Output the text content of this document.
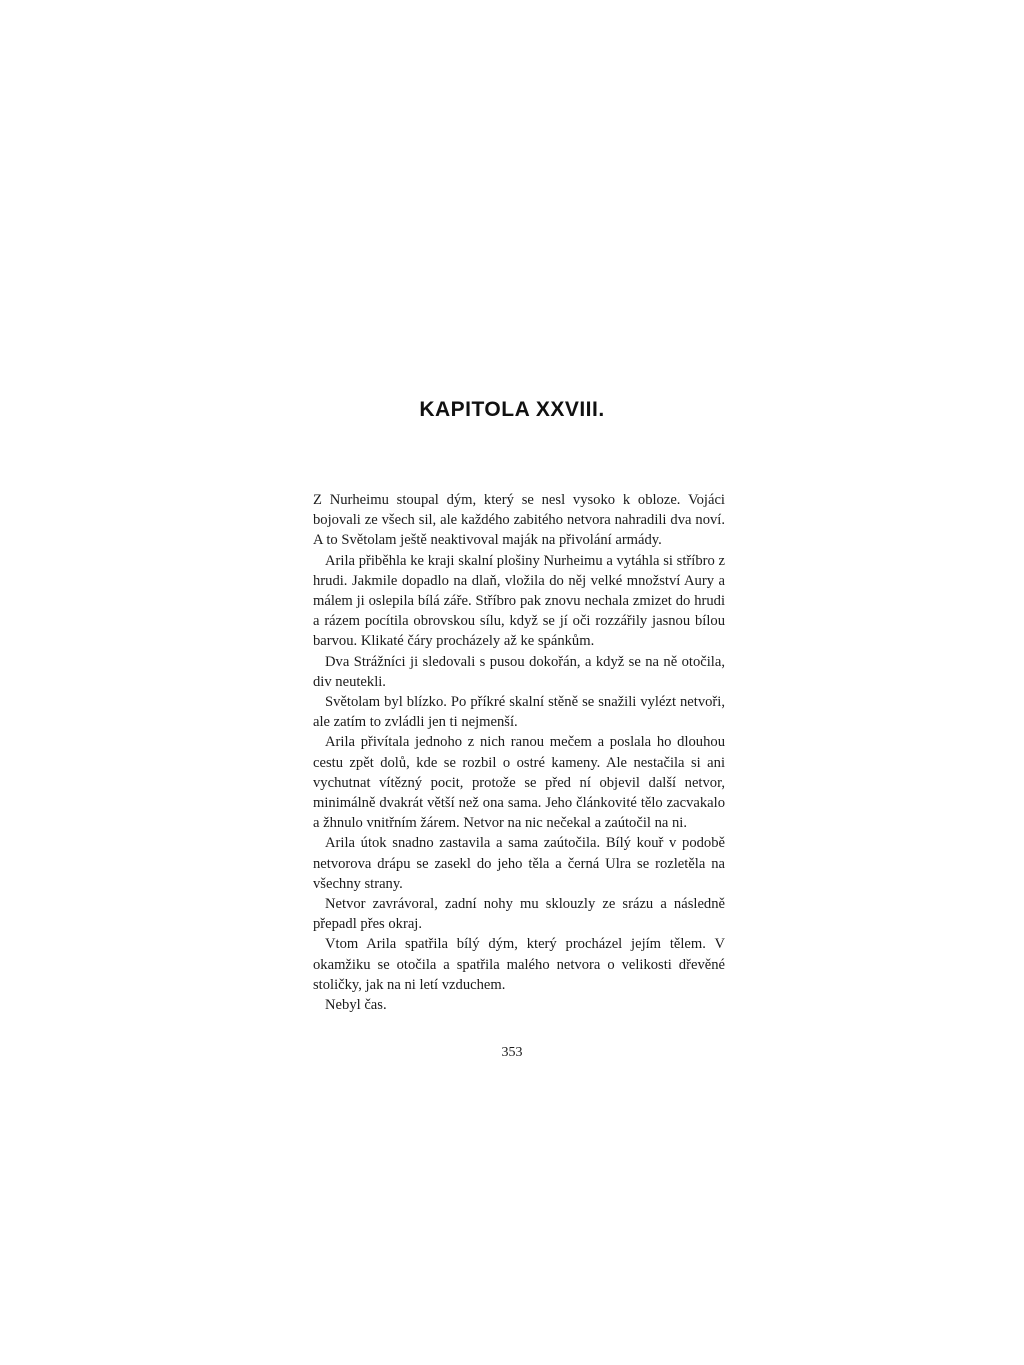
KAPITOLA XXVIII.

Z Nurheimu stoupal dým, který se nesl vysoko k obloze. Vojáci bojovali ze všech sil, ale každého zabitého netvora nahradili dva noví. A to Světolam ještě neaktivoval maják na přivolání armády.

Arila přiběhla ke kraji skalní plošiny Nurheimu a vytáhla si stříbro z hrudi. Jakmile dopadlo na dlaň, vložila do něj velké množství Aury a málem ji oslepila bílá záře. Stříbro pak znovu nechala zmizet do hrudi a rázem pocítila obrovskou sílu, když se jí oči rozzářily jasnou bílou barvou. Klikaté čáry procházely až ke spánkům.

Dva Strážníci ji sledovali s pusou dokořán, a když se na ně otočila, div neutekli.

Světolam byl blízko. Po příkré skalní stěně se snažili vylézt netvoři, ale zatím to zvládli jen ti nejmenší.

Arila přivítala jednoho z nich ranou mečem a poslala ho dlouhou cestu zpět dolů, kde se rozbil o ostré kameny. Ale nestačila si ani vychutnat vítězný pocit, protože se před ní objevil další netvor, minimálně dvakrát větší než ona sama. Jeho článkovité tělo zacvakalo a žhnulo vnitřním žárem. Netvor na nic nečekal a zaútočil na ni.

Arila útok snadno zastavila a sama zaútočila. Bílý kouř v podobě netvorova drápu se zasekl do jeho těla a černá Ulra se rozletěla na všechny strany.

Netvor zavrávoral, zadní nohy mu sklouzly ze srázu a následně přepadl přes okraj.

Vtom Arila spatřila bílý dým, který procházel jejím tělem. V okamžiku se otočila a spatřila malého netvora o velikosti dřevěné stoličky, jak na ni letí vzduchem.

Nebyl čas.

353
